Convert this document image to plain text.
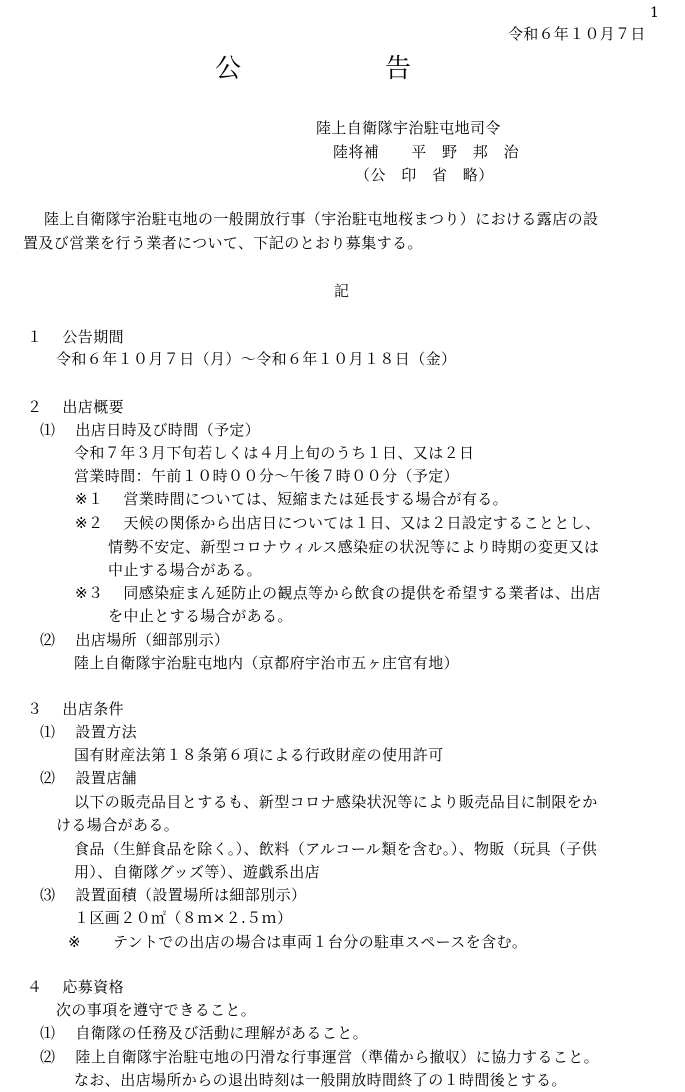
1
令和６年１０月７日
公	告
陸上自衛隊宇治駐屯地司令
陸将補 平　野　邦　治
（公　印　省　略）
陸上自衛隊宇治駐屯地の一般開放行事（宇治駐屯地桜まつり）における露店の設
置及び営業を行う業者について、下記のとおり募集する。
記
１ 公告期間
令和６年１０月７日（月）～令和６年１０月１８日（金）
２ 出店概要
⑴ 出店日時及び時間（予定）
令和７年３月下旬若しくは４月上旬のうち１日、又は２日
営業時間：午前１０時００分～午後７時００分（予定）
※１ 営業時間については、短縮または延長する場合が有る。
※２ 天候の関係から出店日については１日、又は２日設定することとし、
情勢不安定、新型コロナウィルス感染症の状況等により時期の変更又は
中止する場合がある。
※３ 同感染症まん延防止の観点等から飲食の提供を希望する業者は、出店
を中止とする場合がある。
⑵ 出店場所（細部別示）
陸上自衛隊宇治駐屯地内（京都府宇治市五ヶ庄官有地）
３ 出店条件
⑴ 設置方法
国有財産法第１８条第６項による行政財産の使用許可
⑵ 設置店舗
以下の販売品目とするも、新型コロナ感染状況等により販売品目に制限をか
ける場合がある。
食品（生鮮食品を除く。）、飲料（アルコール類を含む。）、物販（玩具（子供
用）、自衛隊グッズ等）、遊戯系出店
⑶ 設置面積（設置場所は細部別示）
１区画２０㎡（８ｍ×２.５ｍ）
※ テントでの出店の場合は車両１台分の駐車スペースを含む。
４ 応募資格
次の事項を遵守できること。
⑴ 自衛隊の任務及び活動に理解があること。
⑵ 陸上自衛隊宇治駐屯地の円滑な行事運営（準備から撤収）に協力すること。
なお、出店場所からの退出時刻は一般開放時間終了の１時間後とする。
